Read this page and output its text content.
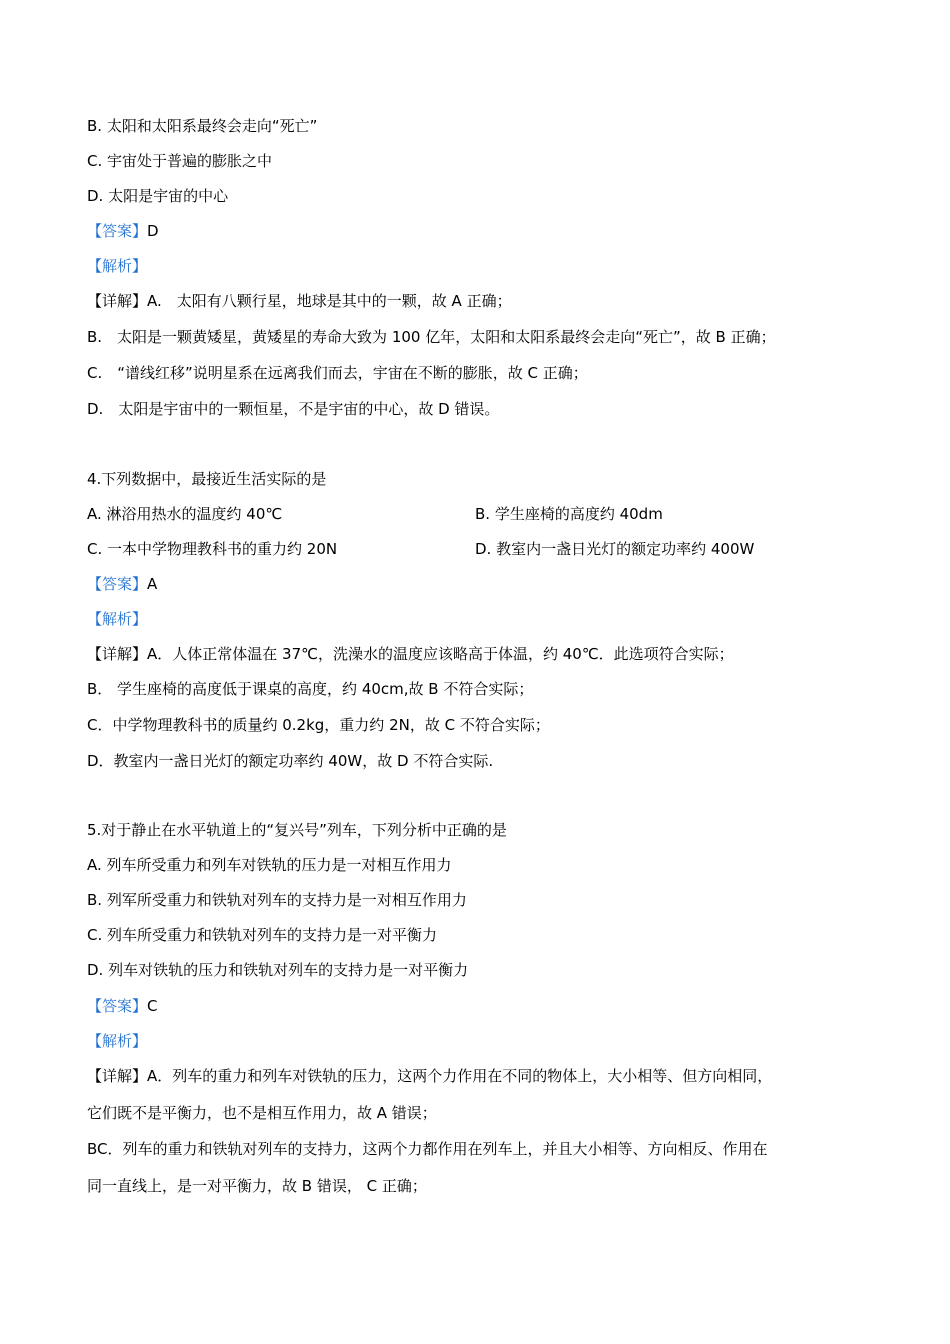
B. 太阳和太阳系最终会走向“死亡”
C. 宇宙处于普遍的膨胀之中
D. 太阳是宇宙的中心
【答案】D
【解析】
【详解】A.　太阳有八颗行星，地球是其中的一颗，故 A 正确；
B.　太阳是一颗黄矮星，黄矮星的寿命大致为 100 亿年，太阳和太阳系最终会走向“死亡”，故 B 正确；
C.　“谱线红移”说明星系在远离我们而去，宇宙在不断的膨胀，故 C 正确；
D.　太阳是宇宙中的一颗恒星，不是宇宙的中心，故 D 错误。
4.下列数据中，最接近生活实际的是
A. 淋浴用热水的温度约 40℃	B. 学生座椅的高度约 40dm
C. 一本中学物理教科书的重力约 20N	D. 教室内一盏日光灯的额定功率约 400W
【答案】A
【解析】
【详解】A．人体正常体温在 37℃，洗澡水的温度应该略高于体温，约 40℃．此选项符合实际；
B． 学生座椅的高度低于课桌的高度，约 40cm,故 B 不符合实际；
C．中学物理教科书的质量约 0.2kg，重力约 2N，故 C 不符合实际；
D．教室内一盏日光灯的额定功率约 40W，故 D 不符合实际.
5.对于静止在水平轨道上的“复兴号”列车，下列分析中正确的是
A. 列车所受重力和列车对铁轨的压力是一对相互作用力
B. 列军所受重力和铁轨对列车的支持力是一对相互作用力
C. 列车所受重力和铁轨对列车的支持力是一对平衡力
D. 列车对铁轨的压力和铁轨对列车的支持力是一对平衡力
【答案】C
【解析】
【详解】A．列车的重力和列车对铁轨的压力，这两个力作用在不同的物体上，大小相等、但方向相同，
它们既不是平衡力，也不是相互作用力，故 A 错误；
BC．列车的重力和铁轨对列车的支持力，这两个力都作用在列车上，并且大小相等、方向相反、作用在
同一直线上，是一对平衡力，故 B 错误， C 正确；
